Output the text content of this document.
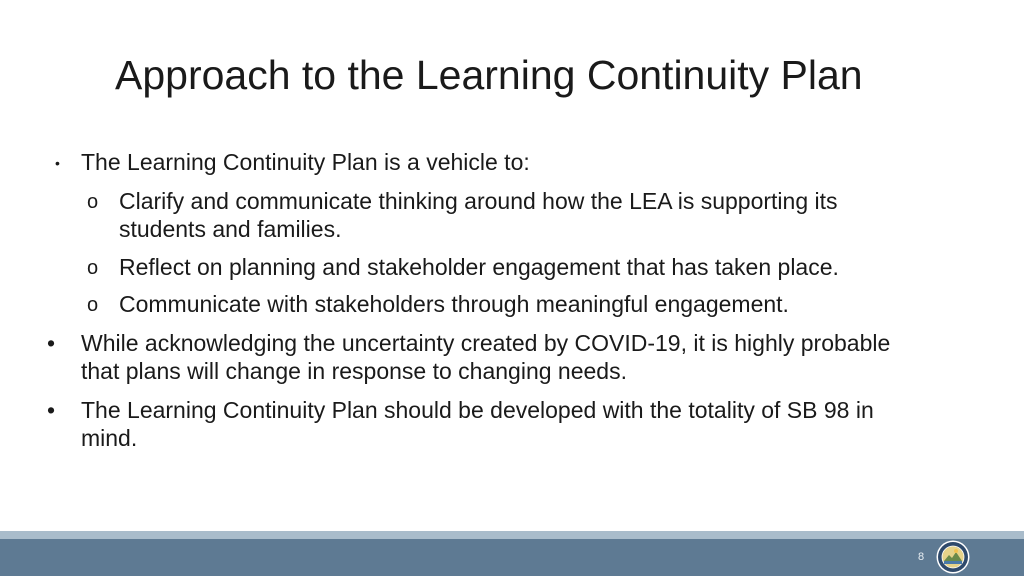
Approach to the Learning Continuity Plan
• The Learning Continuity Plan is a vehicle to:
o Clarify and communicate thinking around how the LEA is supporting its
students and families.
o Reflect on planning and stakeholder engagement that has taken place.
o Communicate with stakeholders through meaningful engagement.
• While acknowledging the uncertainty created by COVID-19, it is highly probable
that plans will change in response to changing needs.
• The Learning Continuity Plan should be developed with the totality of SB 98 in
mind.
8
